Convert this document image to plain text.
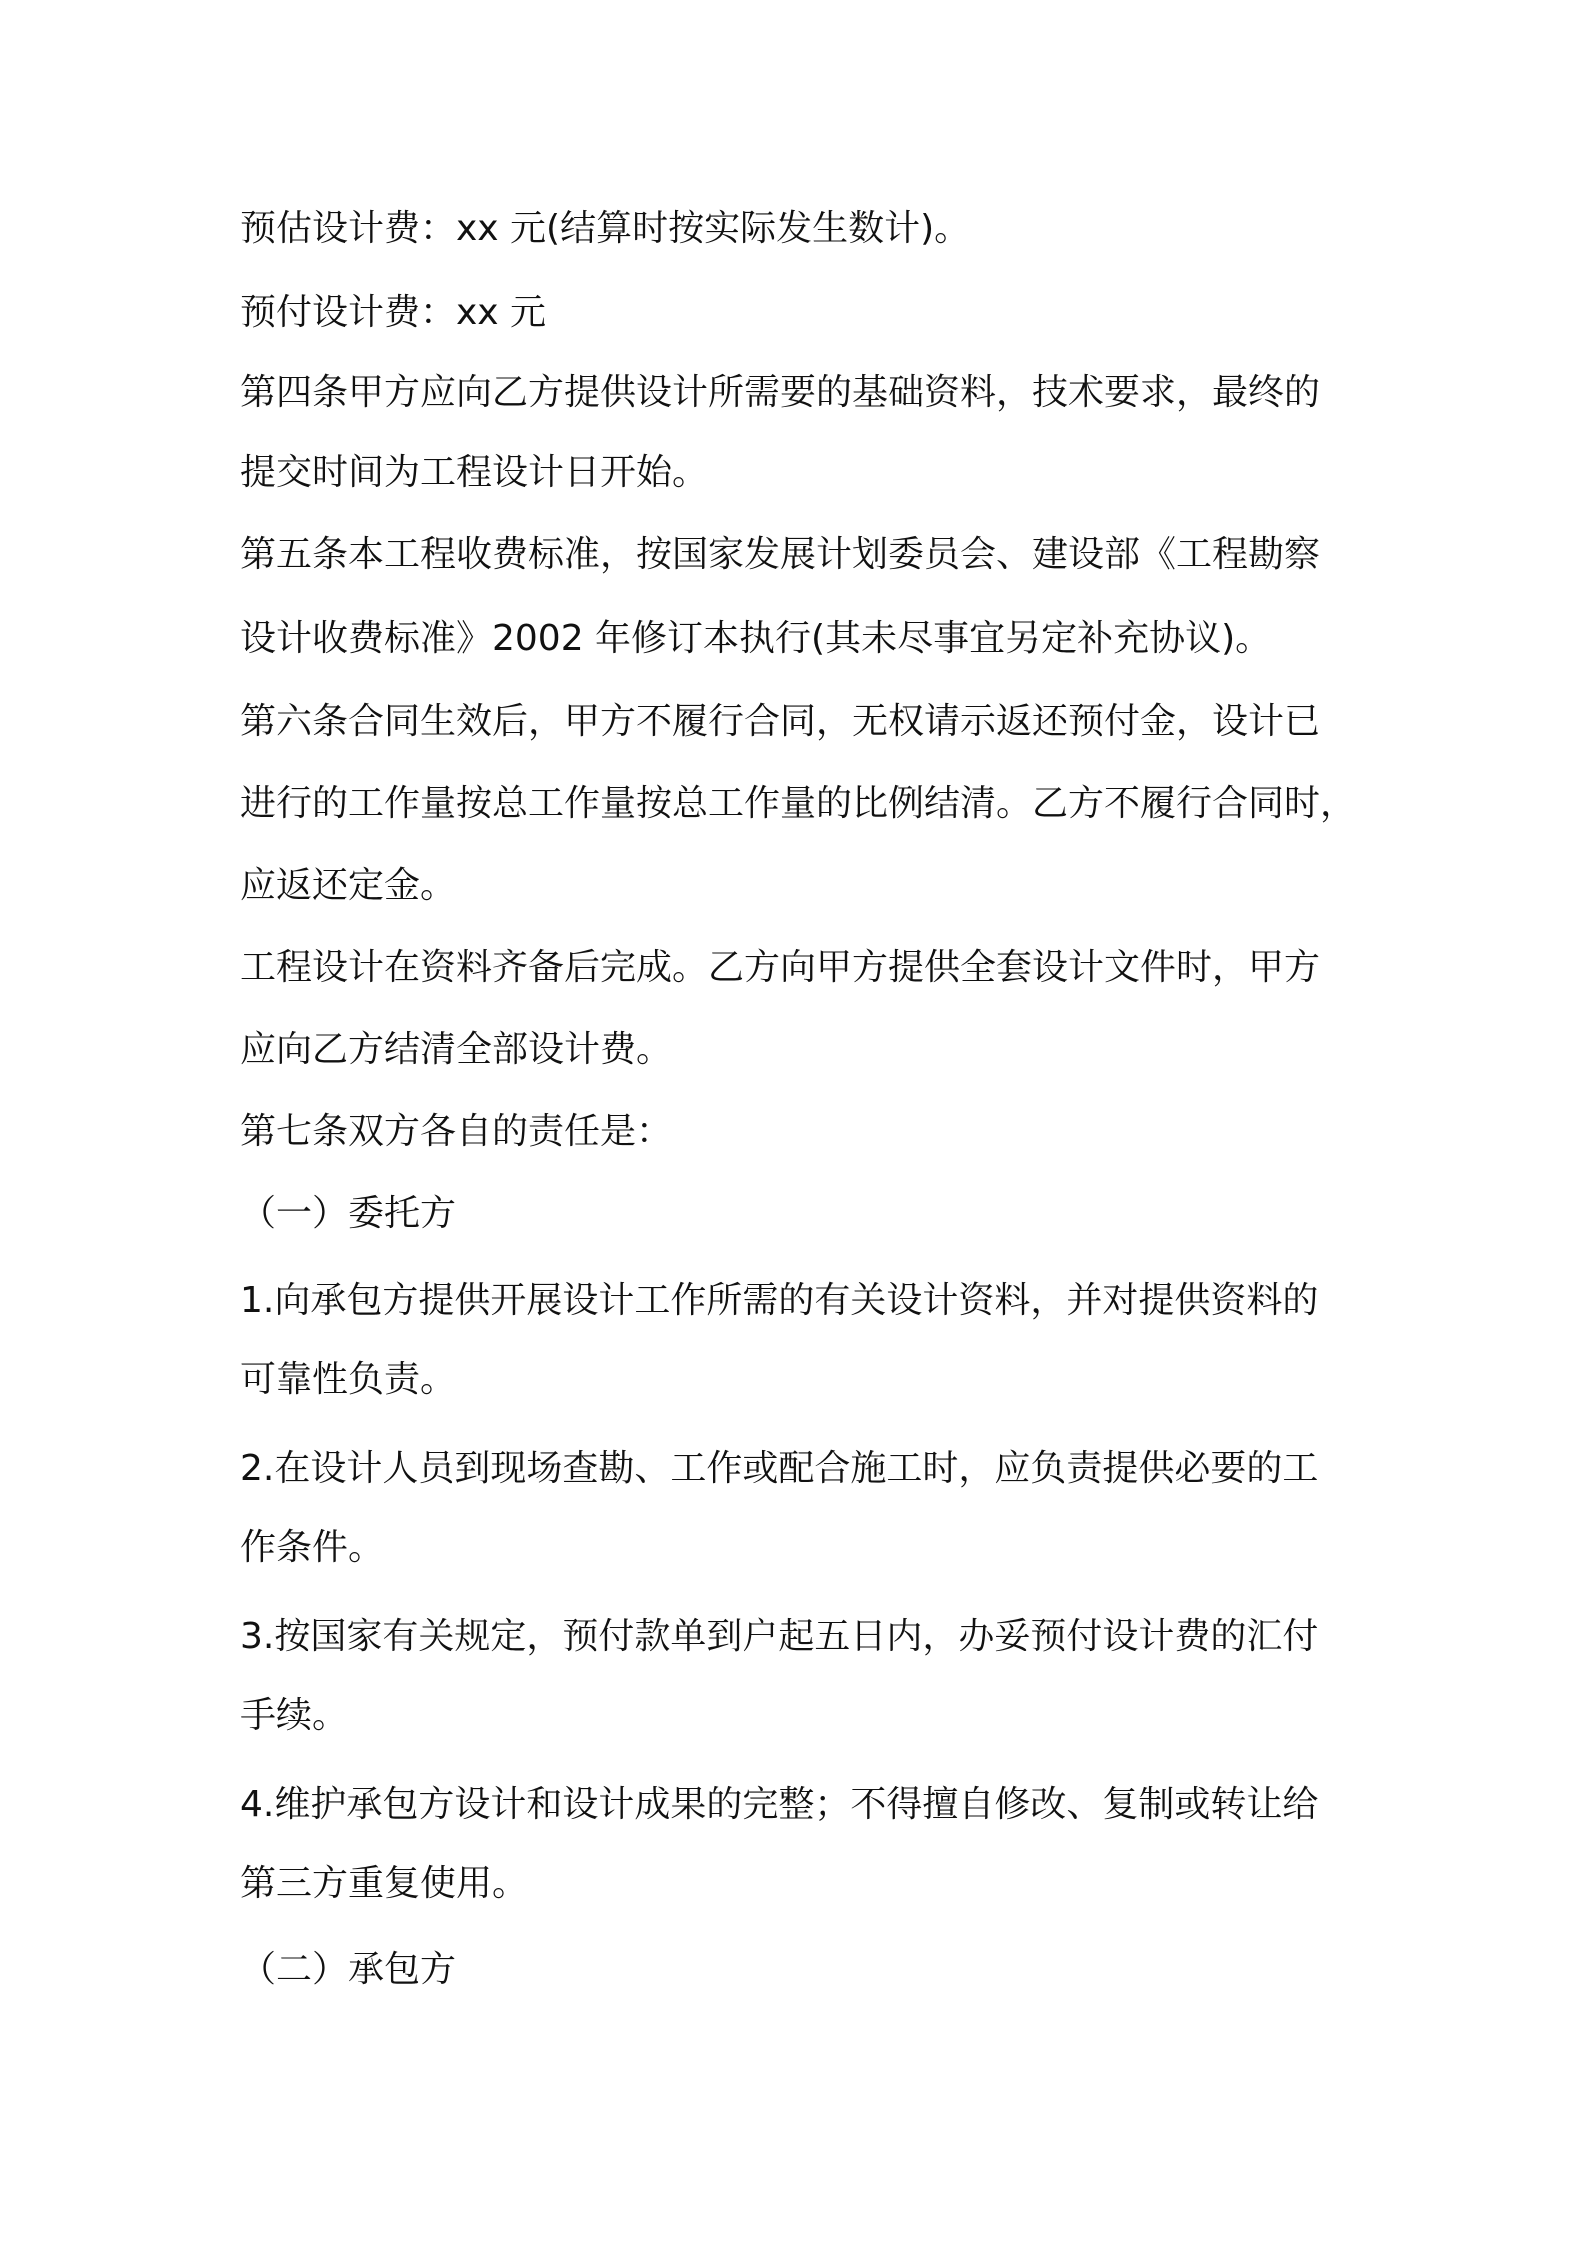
预估设计费：xx 元(结算时按实际发生数计)。
预付设计费：xx 元
第四条甲方应向乙方提供设计所需要的基础资料，技术要求，最终的
提交时间为工程设计日开始。
第五条本工程收费标准，按国家发展计划委员会、建设部《工程勘察
设计收费标准》2002 年修订本执行(其未尽事宜另定补充协议)。
第六条合同生效后，甲方不履行合同，无权请示返还预付金，设计已
进行的工作量按总工作量按总工作量的比例结清。乙方不履行合同时，
应返还定金。
工程设计在资料齐备后完成。乙方向甲方提供全套设计文件时，甲方
应向乙方结清全部设计费。
第七条双方各自的责任是：
（一）委托方
1.向承包方提供开展设计工作所需的有关设计资料，并对提供资料的
可靠性负责。
2.在设计人员到现场查勘、工作或配合施工时，应负责提供必要的工
作条件。
3.按国家有关规定，预付款单到户起五日内，办妥预付设计费的汇付
手续。
4.维护承包方设计和设计成果的完整；不得擅自修改、复制或转让给
第三方重复使用。
（二）承包方
